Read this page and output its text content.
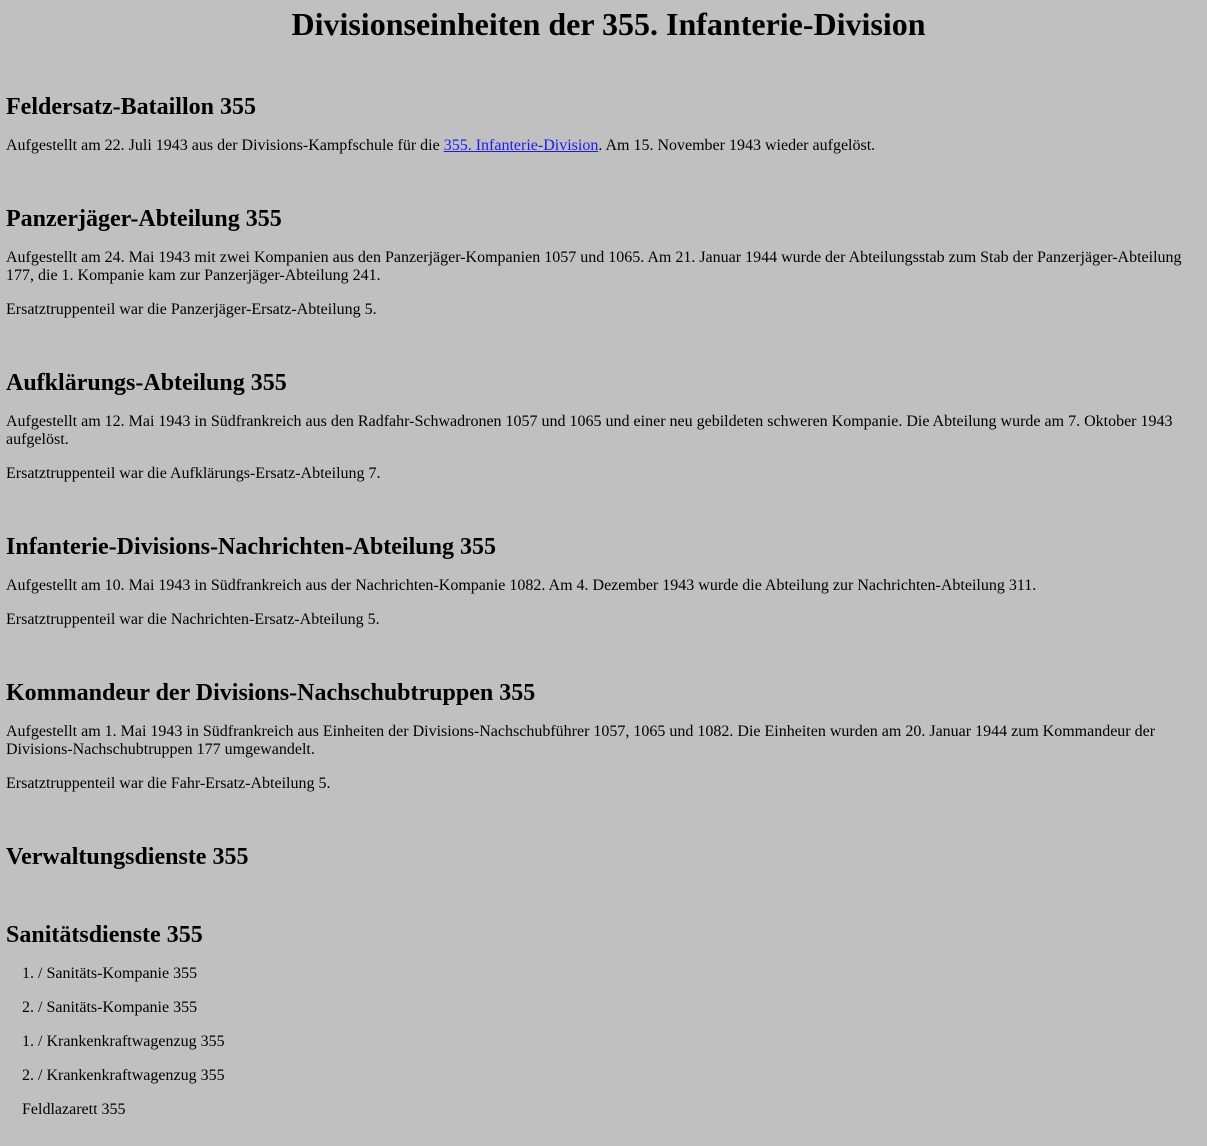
Divisionseinheiten der 355. Infanterie-Division
Feldersatz-Bataillon 355

Aufgestellt am 22. Juli 1943 aus der Divisions-Kampfschule für die 355. Infanterie-Division. Am 15. November 1943 wieder aufgelöst.

Panzerjäger-Abteilung 355

Aufgestellt am 24. Mai 1943 mit zwei Kompanien aus den Panzerjäger-Kompanien 1057 und 1065. Am 21. Januar 1944 wurde der Abteilungsstab zum Stab der Panzerjäger-Abteilung 177, die 1. Kompanie kam zur Panzerjäger-Abteilung 241.

Ersatztruppenteil war die Panzerjäger-Ersatz-Abteilung 5.

Aufklärungs-Abteilung 355

Aufgestellt am 12. Mai 1943 in Südfrankreich aus den Radfahr-Schwadronen 1057 und 1065 und einer neu gebildeten schweren Kompanie. Die Abteilung wurde am 7. Oktober 1943 aufgelöst.

Ersatztruppenteil war die Aufklärungs-Ersatz-Abteilung 7.

Infanterie-Divisions-Nachrichten-Abteilung 355

Aufgestellt am 10. Mai 1943 in Südfrankreich aus der Nachrichten-Kompanie 1082. Am 4. Dezember 1943 wurde die Abteilung zur Nachrichten-Abteilung 311.

Ersatztruppenteil war die Nachrichten-Ersatz-Abteilung 5.

Kommandeur der Divisions-Nachschubtruppen 355

Aufgestellt am 1. Mai 1943 in Südfrankreich aus Einheiten der Divisions-Nachschubführer 1057, 1065 und 1082. Die Einheiten wurden am 20. Januar 1944 zum Kommandeur der Divisions-Nachschubtruppen 177 umgewandelt.

Ersatztruppenteil war die Fahr-Ersatz-Abteilung 5.

Verwaltungsdienste 355
Sanitätsdienste 355
1. / Sanitäts-Kompanie 355
2. / Sanitäts-Kompanie 355
1. / Krankenkraftwagenzug 355
2. / Krankenkraftwagenzug 355
Feldlazarett 355
